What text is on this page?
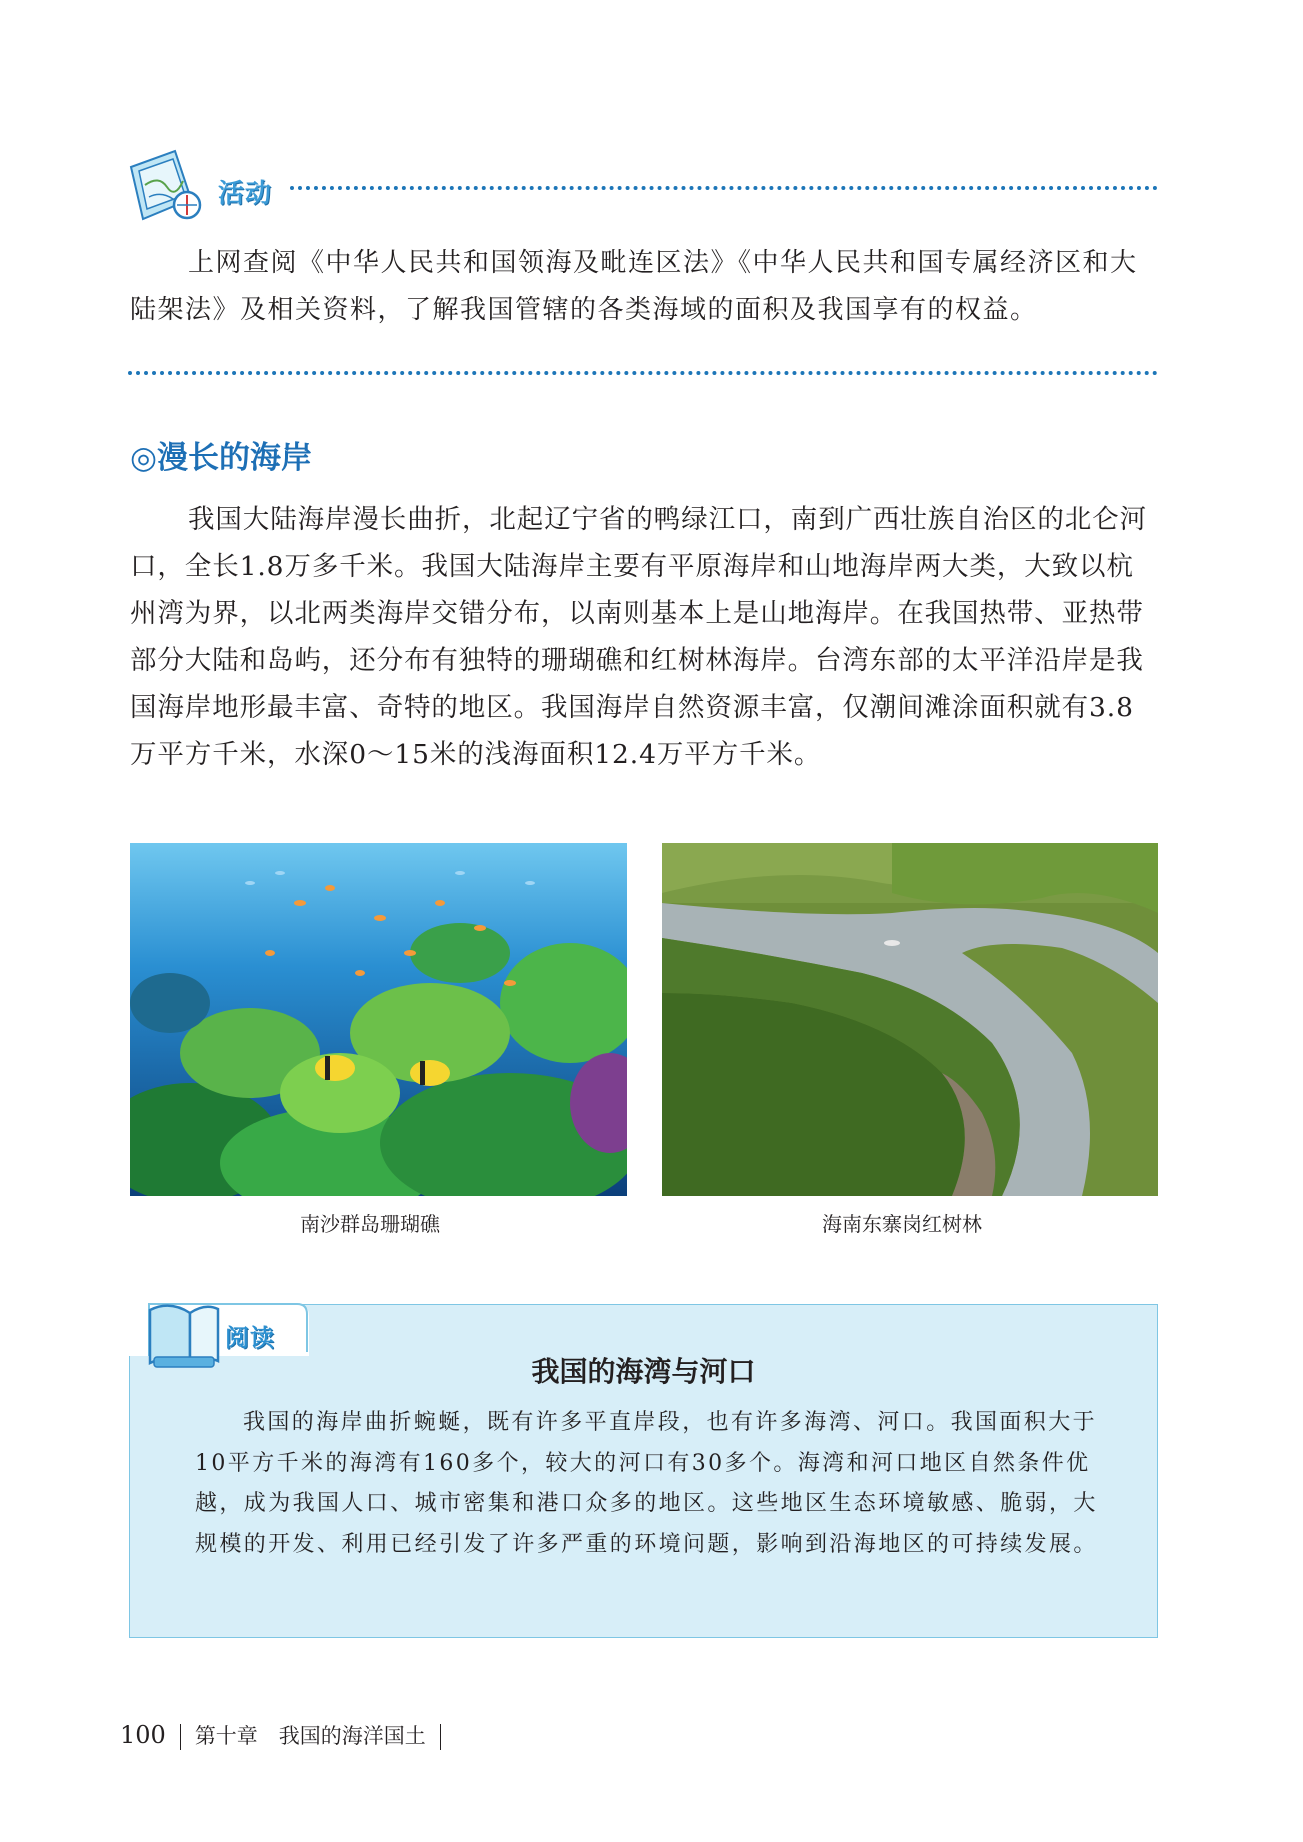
活动

上网查阅《中华人民共和国领海及毗连区法》《中华人民共和国专属经济区和大陆架法》及相关资料，了解我国管辖的各类海域的面积及我国享有的权益。

◎漫长的海岸

我国大陆海岸漫长曲折，北起辽宁省的鸭绿江口，南到广西壮族自治区的北仑河口，全长1.8万多千米。我国大陆海岸主要有平原海岸和山地海岸两大类，大致以杭州湾为界，以北两类海岸交错分布，以南则基本上是山地海岸。在我国热带、亚热带部分大陆和岛屿，还分布有独特的珊瑚礁和红树林海岸。台湾东部的太平洋沿岸是我国海岸地形最丰富、奇特的地区。我国海岸自然资源丰富，仅潮间滩涂面积就有3.8万平方千米，水深0～15米的浅海面积12.4万平方千米。

南沙群岛珊瑚礁	海南东寨岗红树林
阅读
我国的海湾与河口

我国的海岸曲折蜿蜒，既有许多平直岸段，也有许多海湾、河口。我国面积大于10平方千米的海湾有160多个，较大的河口有30多个。海湾和河口地区自然条件优越，成为我国人口、城市密集和港口众多的地区。这些地区生态环境敏感、脆弱，大规模的开发、利用已经引发了许多严重的环境问题，影响到沿海地区的可持续发展。

100 第十章　我国的海洋国土
